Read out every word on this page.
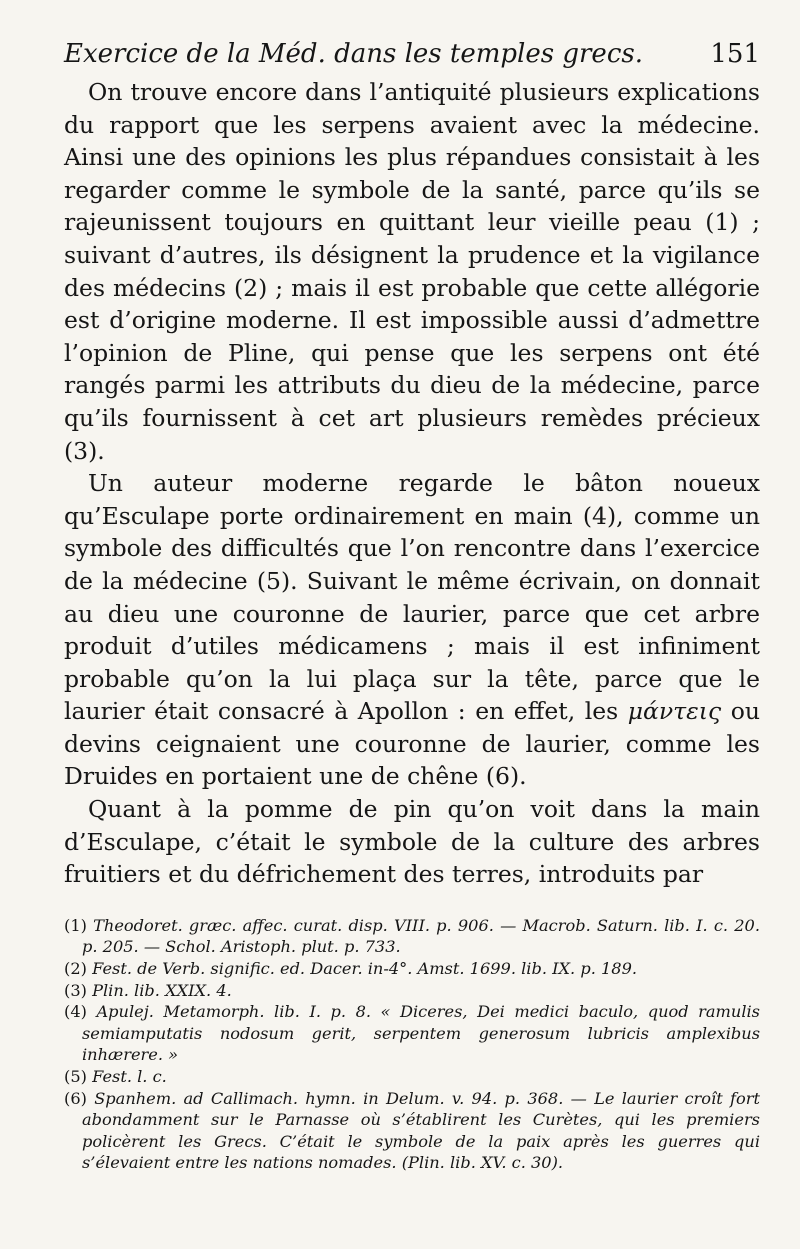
Exercice de la Méd. dans les temples grecs.	151

On trouve encore dans l’antiquité plusieurs explications du rapport que les serpens avaient avec la médecine. Ainsi une des opinions les plus répandues consistait à les regarder comme le symbole de la santé, parce qu’ils se rajeunissent toujours en quittant leur vieille peau (1) ; suivant d’autres, ils désignent la prudence et la vigilance des médecins (2) ; mais il est probable que cette allégorie est d’origine moderne. Il est impossible aussi d’admettre l’opinion de Pline, qui pense que les serpens ont été rangés parmi les attributs du dieu de la médecine, parce qu’ils fournissent à cet art plusieurs remèdes précieux (3).

Un auteur moderne regarde le bâton noueux qu’Esculape porte ordinairement en main (4), comme un symbole des difficultés que l’on rencontre dans l’exercice de la médecine (5). Suivant le même écrivain, on donnait au dieu une couronne de laurier, parce que cet arbre produit d’utiles médicamens ; mais il est infiniment probable qu’on la lui plaça sur la tête, parce que le laurier était consacré à Apollon : en effet, les μάντεις ou devins ceignaient une couronne de laurier, comme les Druides en portaient une de chêne (6).

Quant à la pomme de pin qu’on voit dans la main d’Esculape, c’était le symbole de la culture des arbres fruitiers et du défrichement des terres, introduits par

(1) Theodoret. græc. affec. curat. disp. VIII. p. 906. — Macrob. Saturn. lib. I. c. 20. p. 205. — Schol. Aristoph. plut. p. 733.

(2) Fest. de Verb. signific. ed. Dacer. in-4°. Amst. 1699. lib. IX. p. 189.

(3) Plin. lib. XXIX. 4.

(4) Apulej. Metamorph. lib. I. p. 8. « Diceres, Dei medici baculo, quod ramulis semiamputatis nodosum gerit, serpentem generosum lubricis amplexibus inhærere. »

(5) Fest. l. c.

(6) Spanhem. ad Callimach. hymn. in Delum. v. 94. p. 368. — Le laurier croît fort abondamment sur le Parnasse où s’établirent les Curètes, qui les premiers policèrent les Grecs. C’était le symbole de la paix après les guerres qui s’élevaient entre les nations nomades. (Plin. lib. XV. c. 30).
